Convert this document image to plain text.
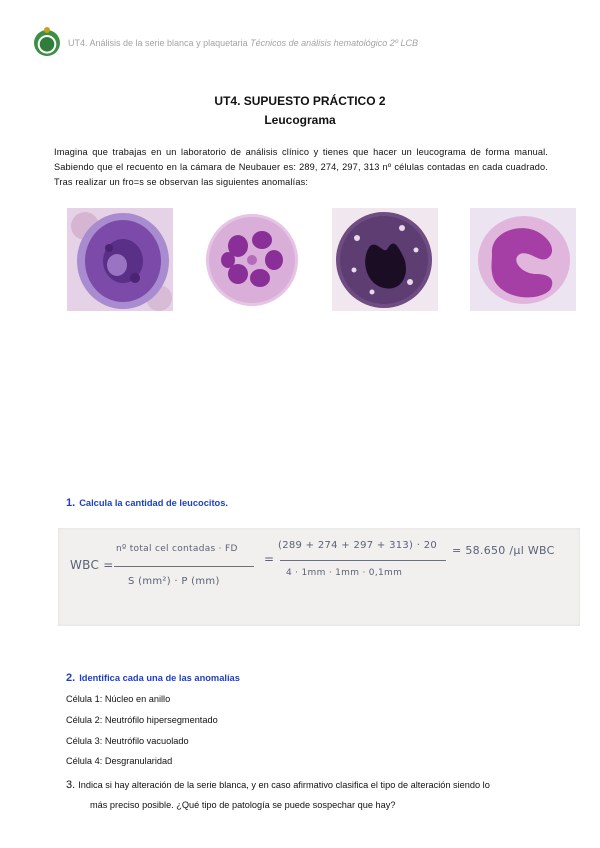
UT4. Análisis de la serie blanca y plaquetaria Técnicos de análisis hematológico 2º LCB
UT4. SUPUESTO PRÁCTICO 2
Leucograma
Imagina que trabajas en un laboratorio de análisis clínico y tienes que hacer un leucograma de forma manual. Sabiendo que el recuento en la cámara de Neubauer es: 289, 274, 297, 313 nº células contadas en cada cuadrado. Tras realizar un fro=s se observan las siguientes anomalías:
1. Calcula la cantidad de leucocitos.
WBC =
nº total cel contadas · FD
S (mm²) · P (mm)
=
(289 + 274 + 297 + 313) · 20
4 · 1mm · 1mm · 0,1mm
= 58.650 /µl WBC
2. Identifica cada una de las anomalías
Célula 1: Núcleo en anillo
Célula 2: Neutrófilo hipersegmentado
Célula 3: Neutrófilo vacuolado
Célula 4: Desgranularidad
3. Indica si hay alteración de la serie blanca, y en caso afirmativo clasifica el tipo de alteración siendo lo
más preciso posible. ¿Qué tipo de patología se puede sospechar que hay?
